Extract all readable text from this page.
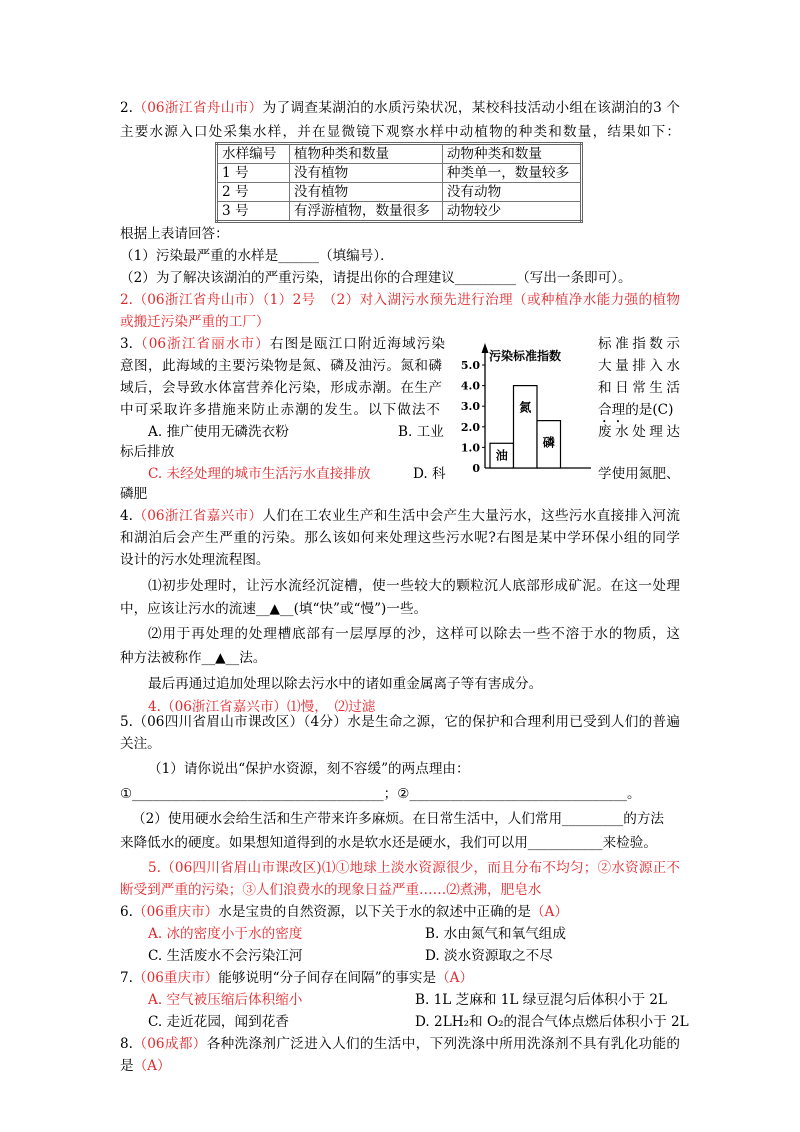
2.（06浙江省舟山市）为了调查某湖泊的水质污染状况，某校科技活动小组在该湖泊的3 个
主要水源入口处采集水样，并在显微镜下观察水样中动植物的种类和数量，结果如下：
水样编号	植物种类和数量	动物种类和数量
1 号	没有植物	种类单一，数量较多
2 号	没有植物	没有动物
3 号	有浮游植物，数量很多	动物较少
根据上表请回答：
（1）污染最严重的水样是______（填编号）．
（2）为了解决该湖泊的严重污染，请提出你的合理建议_________（写出一条即可）。
2.（06浙江省舟山市）（1）2号　（2）对入湖污水预先进行治理（或种植净水能力强的植物
或搬迁污染严重的工厂）
3.（06浙江省丽水市）右图是瓯江口附近海域污染	标准指数示
意图，此海域的主要污染物是氮、磷及油污。氮和磷	大量排入水
域后，会导致水体富营养化污染，形成赤潮。在生产	和日常生活
中可采取许多措施来防止赤潮的发生。以下做法不	合理的是(C)
A. 推广使用无磷洗衣粉	B. 工业	废水处理达
标后排放
C. 未经处理的城市生活污水直接排放	D. 科	学使用氮肥、
磷肥
污染标准指数
0
1.0
2.0
3.0
4.0
5.0
油
氮
磷
4.（06浙江省嘉兴市）人们在工农业生产和生活中会产生大量污水，这些污水直接排入河流
和湖泊后会产生严重的污染。那么该如何来处理这些污水呢?右图是某中学环保小组的同学
设计的污水处理流程图。
⑴初步处理时，让污水流经沉淀槽，使一些较大的颗粒沉人底部形成矿泥。在这一处理
中，应该让污水的流速__▲__(填“快”或“慢”)一些。
⑵用于再处理的处理槽底部有一层厚厚的沙，这样可以除去一些不溶于水的物质，这
种方法被称作__▲__法。
最后再通过追加处理以除去污水中的诸如重金属离子等有害成分。
4.（06浙江省嘉兴市）⑴慢，　⑵过滤
5.（06四川省眉山市课改区）（4分）水是生命之源，它的保护和合理利用已受到人们的普遍
关注。
（1）请你说出“保护水资源，刻不容缓”的两点理由：
①_____________________________________；②________________________________。
（2）使用硬水会给生活和生产带来许多麻烦。在日常生活中，人们常用_________的方法
来降低水的硬度。如果想知道得到的水是软水还是硬水，我们可以用___________来检验。
5.（06四川省眉山市课改区)⑴①地球上淡水资源很少，而且分布不均匀；②水资源正不
断受到严重的污染；③人们浪费水的现象日益严重……⑵煮沸，肥皂水
6.（06重庆市）水是宝贵的自然资源，以下关于水的叙述中正确的是（A）
A. 冰的密度小于水的密度	B. 水由氮气和氧气组成
C. 生活废水不会污染江河	D. 淡水资源取之不尽
7.（06重庆市）能够说明“分子间存在间隔”的事实是（A）
A. 空气被压缩后体积缩小	B. 1L 芝麻和 1L 绿豆混匀后体积小于 2L
C. 走近花园，闻到花香	D. 2LH₂和 O₂的混合气体点燃后体积小于 2L
8.（06成都）各种洗涤剂广泛进入人们的生活中，下列洗涤中所用洗涤剂不具有乳化功能的
是（A）
